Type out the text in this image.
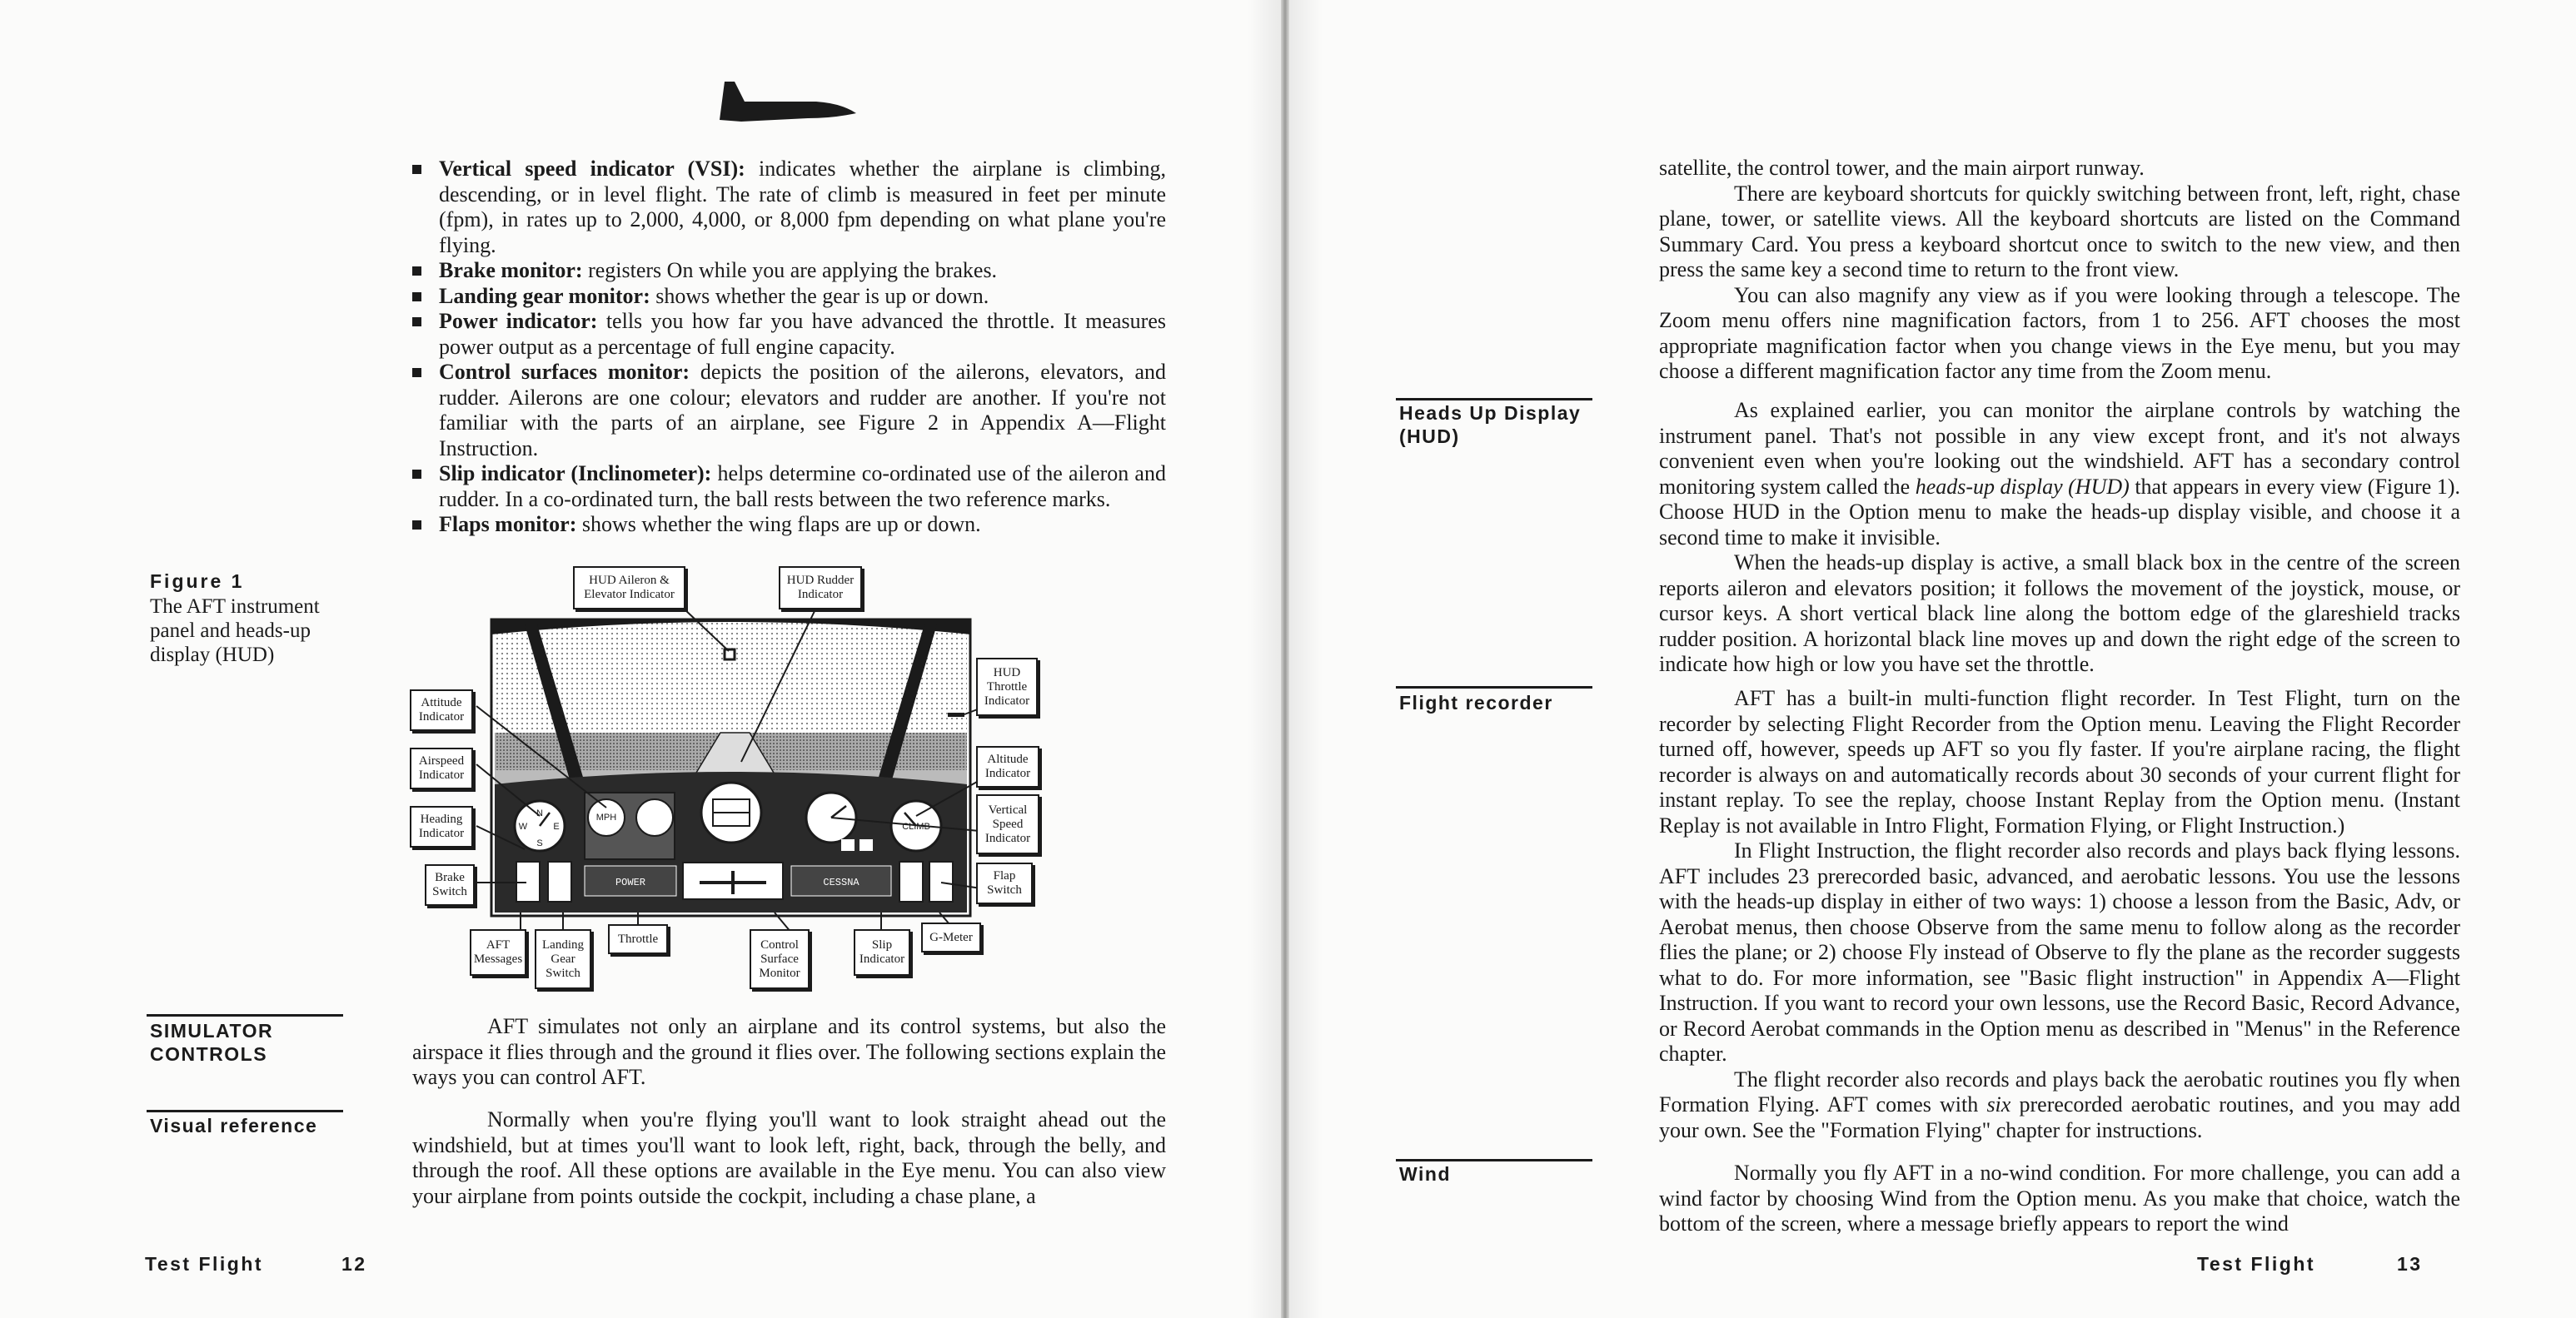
Vertical speed indicator (VSI): indicates whether the airplane is climbing, descending, or in level flight. The rate of climb is measured in feet per minute (fpm), in rates up to 2,000, 4,000, or 8,000 fpm depending on what plane you're flying.
Brake monitor: registers On while you are applying the brakes.
Landing gear monitor: shows whether the gear is up or down.
Power indicator: tells you how far you have advanced the throttle. It measures power output as a percentage of full engine capacity.
Control surfaces monitor: depicts the position of the ailerons, elevators, and rudder. Ailerons are one colour; elevators and rudder are another. If you're not familiar with the parts of an airplane, see Figure 2 in Appendix A—Flight Instruction.
Slip indicator (Inclinometer): helps determine co-ordinated use of the aileron and rudder. In a co-ordinated turn, the ball rests between the two reference marks.
Flaps monitor: shows whether the wing flaps are up or down.
Figure 1
The AFT instrument panel and heads-up display (HUD)
N
S
W	E
MPH
CLIMB
POWER	CESSNA
HUD Aileron & Elevator Indicator
HUD Rudder Indicator
HUD Throttle Indicator
Attitude Indicator
Airspeed Indicator
Heading Indicator
Brake Switch
Altitude Indicator
Vertical Speed Indicator
Flap Switch
AFT Messages
Landing Gear Switch
Throttle	Control Surface Monitor
Slip Indicator
G-Meter
SIMULATOR CONTROLS
Visual reference

AFT simulates not only an airplane and its control systems, but also the airspace it flies through and the ground it flies over. The following sections explain the ways you can control AFT.

Normally when you're flying you'll want to look straight ahead out the windshield, but at times you'll want to look left, right, back, through the belly, and through the roof. All these options are available in the Eye menu. You can also view your airplane from points outside the cockpit, including a chase plane, a

Test Flight	12

satellite, the control tower, and the main airport runway.

There are keyboard shortcuts for quickly switching between front, left, right, chase plane, tower, or satellite views. All the keyboard shortcuts are listed on the Command Summary Card. You press a keyboard shortcut once to switch to the new view, and then press the same key a second time to return to the front view.

You can also magnify any view as if you were looking through a telescope. The Zoom menu offers nine magnification factors, from 1 to 256. AFT chooses the most appropriate magnification factor when you change views in the Eye menu, but you may choose a different magnification factor any time from the Zoom menu.

Heads Up Display (HUD)

As explained earlier, you can monitor the airplane controls by watching the instrument panel. That's not possible in any view except front, and it's not always convenient even when you're looking out the windshield. AFT has a secondary control monitoring system called the heads-up display (HUD) that appears in every view (Figure 1). Choose HUD in the Option menu to make the heads-up display visible, and choose it a second time to make it invisible.

When the heads-up display is active, a small black box in the centre of the screen reports aileron and elevators position; it follows the movement of the joystick, mouse, or cursor keys. A short vertical black line along the bottom edge of the glareshield tracks rudder position. A horizontal black line moves up and down the right edge of the screen to indicate how high or low you have set the throttle.

Flight recorder	AFT has a built-in multi-function flight recorder. In Test Flight, turn on the recorder by selecting Flight Recorder from the Option menu. Leaving the Flight Recorder turned off, however, speeds up AFT so you fly faster. If you're airplane racing, the flight recorder is always on and automatically records about 30 seconds of your current flight for instant replay. To see the replay, choose Instant Replay from the Option menu. (Instant Replay is not available in Intro Flight, Formation Flying, or Flight Instruction.)

In Flight Instruction, the flight recorder also records and plays back flying lessons. AFT includes 23 prerecorded basic, advanced, and aerobatic lessons. You use the lessons with the heads-up display in either of two ways: 1) choose a lesson from the Basic, Adv, or Aerobat menus, then choose Observe from the same menu to follow along as the recorder flies the plane; or 2) choose Fly instead of Observe to fly the plane as the recorder suggests what to do. For more information, see "Basic flight instruction" in Appendix A—Flight Instruction. If you want to record your own lessons, use the Record Basic, Record Advance, or Record Aerobat commands in the Option menu as described in "Menus" in the Reference chapter.

The flight recorder also records and plays back the aerobatic routines you fly when Formation Flying. AFT comes with six prerecorded aerobatic routines, and you may add your own. See the "Formation Flying" chapter for instructions.

Wind	Normally you fly AFT in a no-wind condition. For more challenge, you can add a wind factor by choosing Wind from the Option menu. As you make that choice, watch the bottom of the screen, where a message briefly appears to report the wind

Test Flight	13
